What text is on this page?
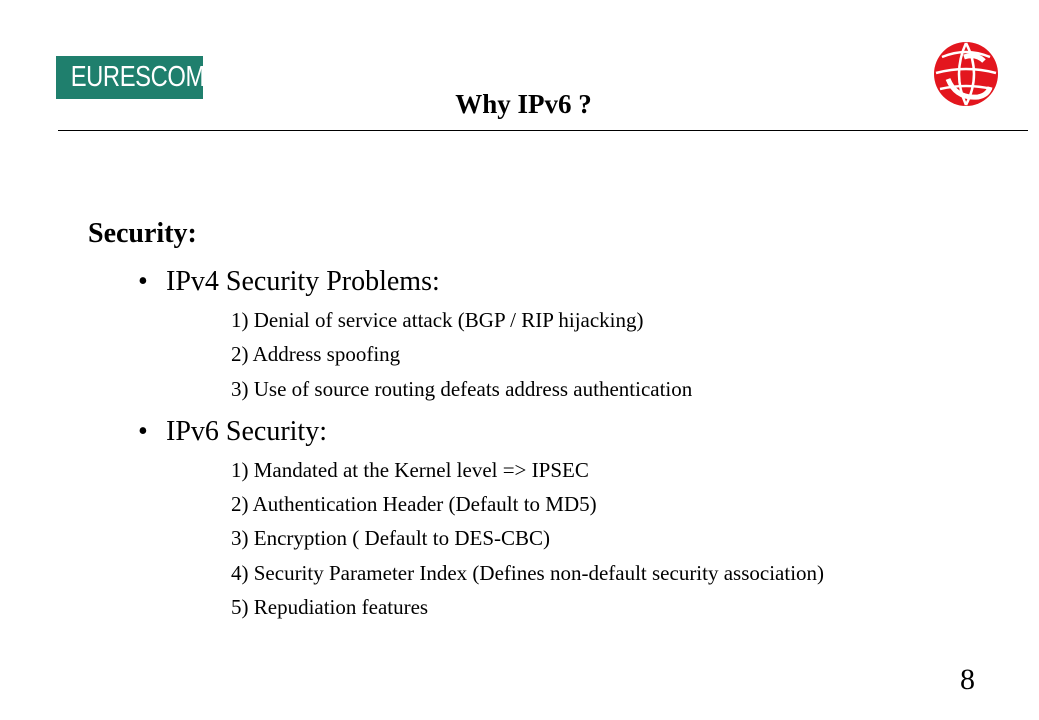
EURESCOM
Why IPv6 ?
Security:
• IPv4 Security Problems:
1) Denial of service attack (BGP / RIP hijacking)
2) Address spoofing
3) Use of source routing defeats address authentication
• IPv6 Security:
1) Mandated at the Kernel level => IPSEC
2) Authentication Header (Default to MD5)
3) Encryption ( Default to DES-CBC)
4) Security Parameter Index (Defines non-default security association)
5) Repudiation features
8
